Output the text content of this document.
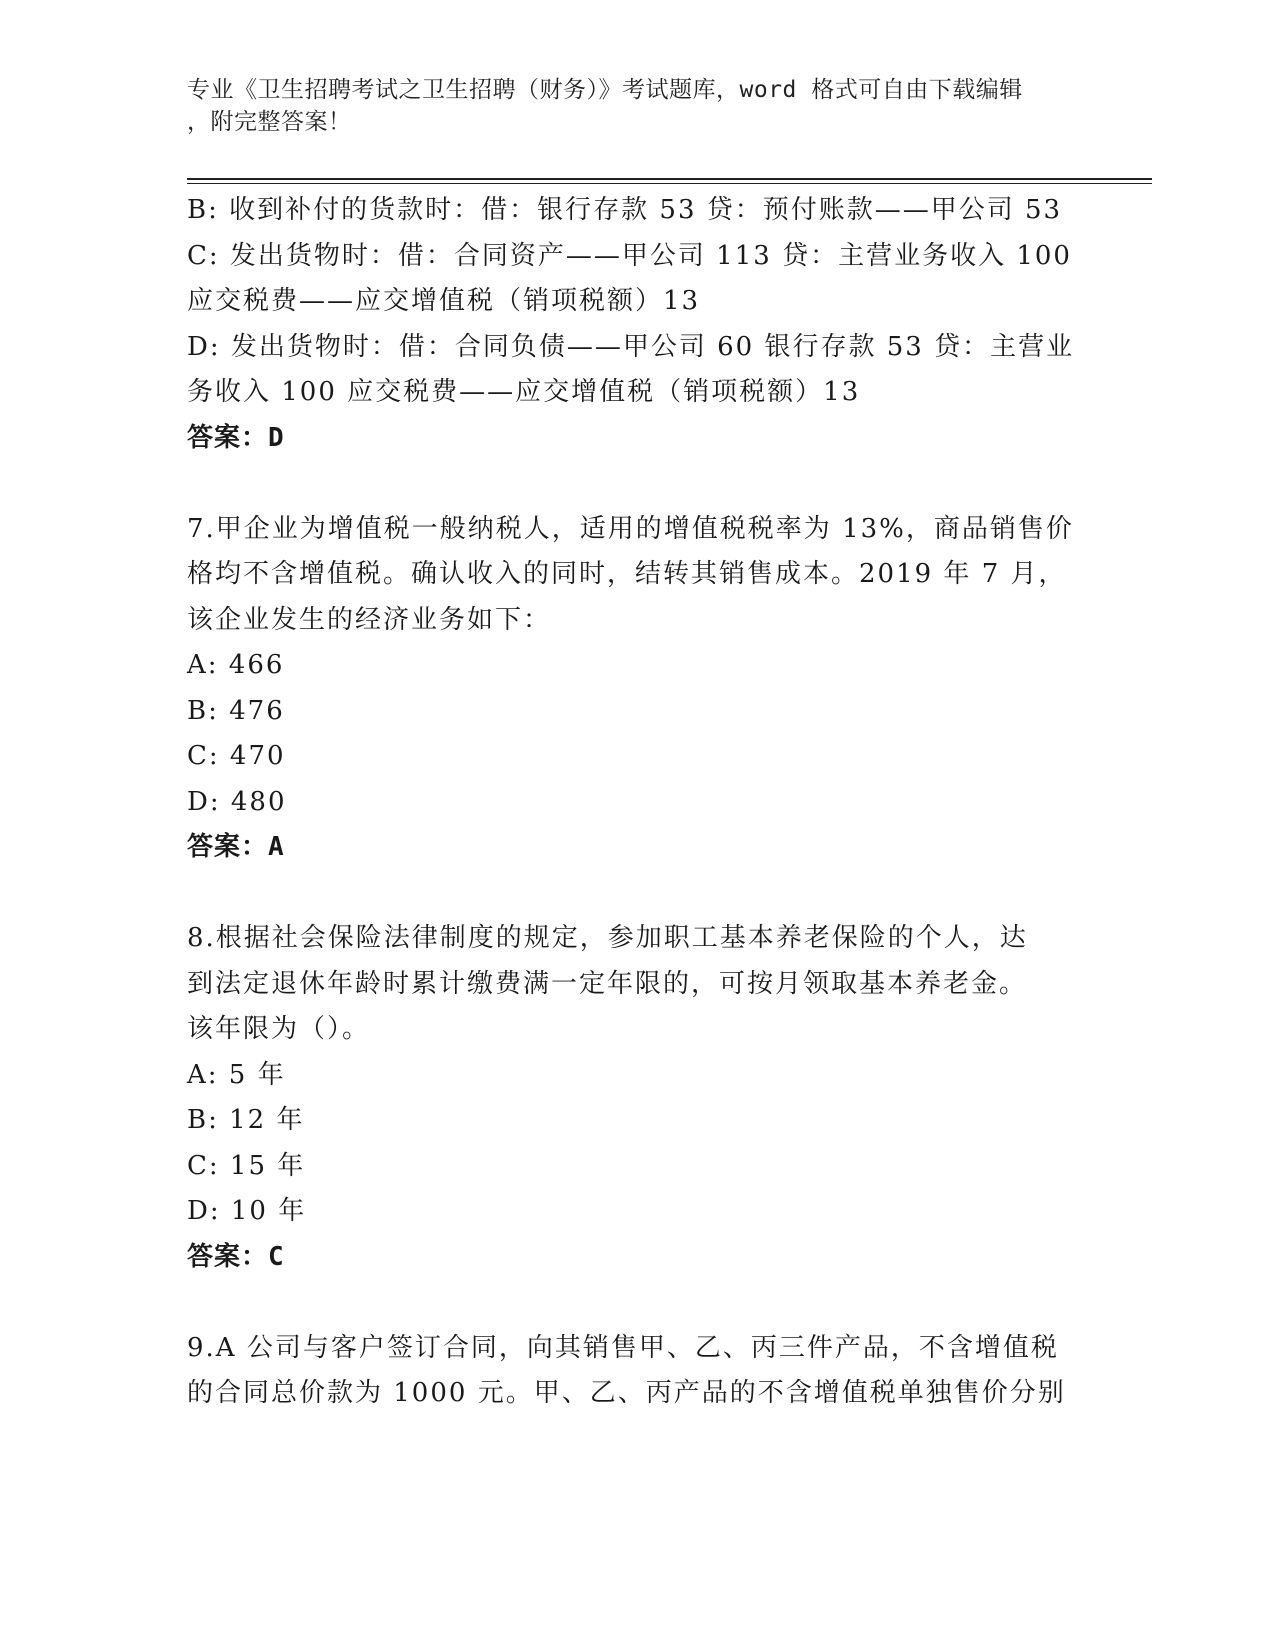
专业《卫生招聘考试之卫生招聘（财务）》考试题库，word 格式可自由下载编辑
，附完整答案！
B: 收到补付的货款时：借：银行存款 53 贷：预付账款——甲公司 53
C: 发出货物时：借：合同资产——甲公司 113 贷：主营业务收入 100
应交税费——应交增值税（销项税额）13
D: 发出货物时：借：合同负债——甲公司 60 银行存款 53 贷：主营业
务收入 100 应交税费——应交增值税（销项税额）13
答案：D
7.甲企业为增值税一般纳税人，适用的增值税税率为 13%，商品销售价
格均不含增值税。确认收入的同时，结转其销售成本。2019 年 7 月，
该企业发生的经济业务如下：
A: 466
B: 476
C: 470
D: 480
答案：A
8.根据社会保险法律制度的规定，参加职工基本养老保险的个人，达
到法定退休年龄时累计缴费满一定年限的，可按月领取基本养老金。
该年限为（）。
A: 5 年
B: 12 年
C: 15 年
D: 10 年
答案：C
9.A 公司与客户签订合同，向其销售甲、乙、丙三件产品，不含增值税
的合同总价款为 1000 元。甲、乙、丙产品的不含增值税单独售价分别
